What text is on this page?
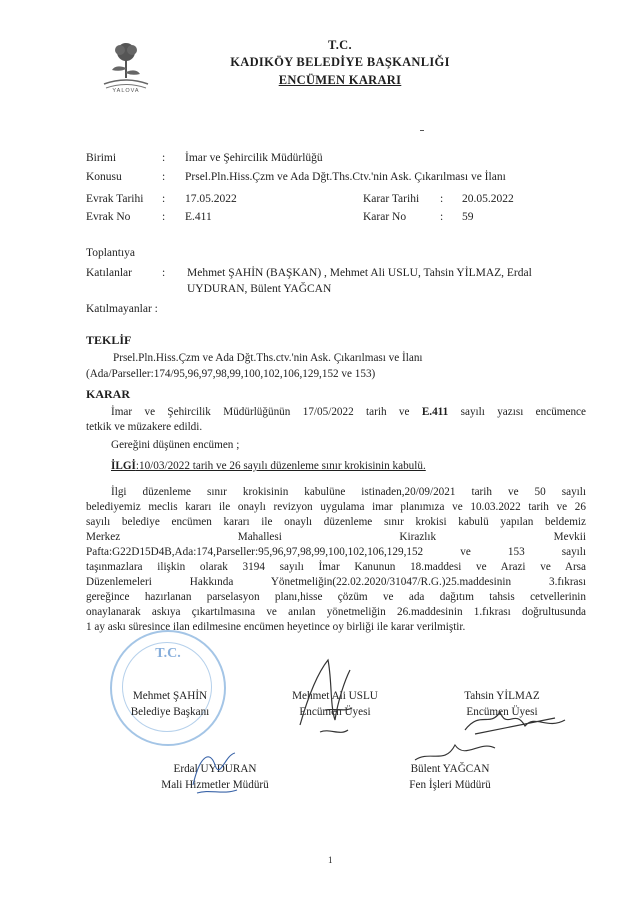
YALOVA
T.C.
KADIKÖY BELEDİYE BAŞKANLIĞI
ENCÜMEN KARARI
Birimi	: İmar ve Şehircilik Müdürlüğü
Konusu	: Prsel.Pln.Hiss.Çzm ve Ada Dğt.Ths.Ctv.'nin Ask. Çıkarılması ve İlanı
Evrak Tarihi : 17.05.2022	Karar Tarihi : 20.05.2022
Evrak No	: E.411	Karar No	: 59
Toplantıya
Katılanlar	: Mehmet ŞAHİN (BAŞKAN) , Mehmet Ali USLU, Tahsin YİLMAZ, Erdal
UYDURAN, Bülent YAĞCAN
Katılmayanlar :
TEKLİF
Prsel.Pln.Hiss.Çzm ve Ada Dğt.Ths.ctv.'nin Ask. Çıkarılması ve İlanı
(Ada/Parseller:174/95,96,97,98,99,100,102,106,129,152 ve 153)
KARAR
İmar ve Şehircilik Müdürlüğünün 17/05/2022 tarih ve E.411 sayılı yazısı encümence
tetkik ve müzakere edildi.
Gereğini düşünen encümen ;
İLGİ:10/03/2022 tarih ve 26 sayılı düzenleme sınır krokisinin kabulü.
İlgi düzenleme sınır krokisinin kabulüne istinaden,20/09/2021 tarih ve 50 sayılı
belediyemiz meclis kararı ile onaylı revizyon uygulama imar planımıza ve 10.03.2022 tarih ve 26
sayılı belediye encümen kararı ile onaylı düzenleme sınır krokisi kabulü yapılan beldemiz
Merkez Mahallesi Kirazlık Mevkii
Pafta:G22D15D4B,Ada:174,Parseller:95,96,97,98,99,100,102,106,129,152 ve 153 sayılı
taşınmazlara ilişkin olarak 3194 sayılı İmar Kanunun 18.maddesi ve Arazi ve Arsa
Düzenlemeleri Hakkında Yönetmeliğin(22.02.2020/31047/R.G.)25.maddesinin 3.fıkrası
gereğince hazırlanan parselasyon planı,hisse çözüm ve ada dağıtım tahsis cetvellerinin
onaylanarak askıya çıkartılmasına ve anılan yönetmeliğin 26.maddesinin 1.fıkrası doğrultusunda
1 ay askı süresince ilan edilmesine encümen heyetince oy birliği ile karar verilmiştir.
T.C.
Mehmet ŞAHİN
Belediye Başkanı
Mehmet Ali USLU
Encümen Üyesi
Tahsin YİLMAZ
Encümen Üyesi
Erdal UYDURAN
Mali Hizmetler Müdürü
Bülent YAĞCAN
Fen İşleri Müdürü
1
